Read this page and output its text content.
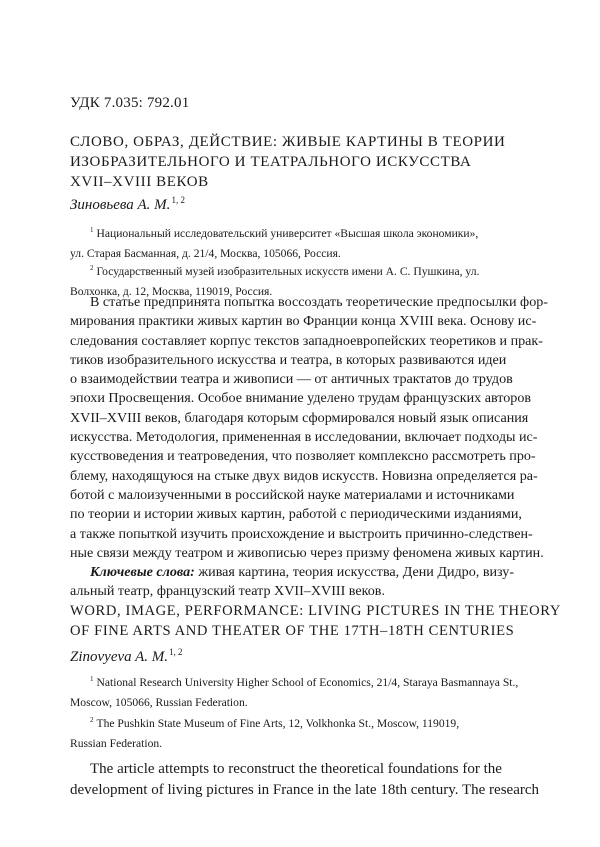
УДК 7.035: 792.01
СЛОВО, ОБРАЗ, ДЕЙСТВИЕ: ЖИВЫЕ КАРТИНЫ В ТЕОРИИ
ИЗОБРАЗИТЕЛЬНОГО И ТЕАТРАЛЬНОГО ИСКУССТВА
XVII–XVIII ВЕКОВ
Зиновьева А. М.$^{1, 2}$
$^1$ Национальный исследовательский университет «Высшая школа экономики»,
ул. Старая Басманная, д. 21/4, Москва, 105066, Россия.
$^2$ Государственный музей изобразительных искусств имени А. С. Пушкина, ул.
Волхонка, д. 12, Москва, 119019, Россия.
В статье предпринята попытка воссоздать теоретические предпосылки фор-
мирования практики живых картин во Франции конца XVIII века. Основу ис-
следования составляет корпус текстов западноевропейских теоретиков и прак-
тиков изобразительного искусства и театра, в которых развиваются идеи
о взаимодействии театра и живописи — от античных трактатов до трудов
эпохи Просвещения. Особое внимание уделено трудам французских авторов
XVII–XVIII веков, благодаря которым сформировался новый язык описания
искусства. Методология, примененная в исследовании, включает подходы ис-
кусствоведения и театроведения, что позволяет комплексно рассмотреть про-
блему, находящуюся на стыке двух видов искусств. Новизна определяется ра-
ботой с малоизученными в российской науке материалами и источниками
по теории и истории живых картин, работой с периодическими изданиями,
а также попыткой изучить происхождение и выстроить причинно-следствен-
ные связи между театром и живописью через призму феномена живых картин.
Ключевые слова: живая картина, теория искусства, Дени Дидро, визу-
альный театр, французский театр XVII–XVIII веков.
WORD, IMAGE, PERFORMANCE: LIVING PICTURES IN THE THEORY
OF FINE ARTS AND THEATER OF THE 17TH–18TH CENTURIES
Zinovyeva A. M.$^{1, 2}$
$^1$ National Research University Higher School of Economics, 21/4, Staraya Basmannaya St.,
Moscow, 105066, Russian Federation.
$^2$ The Pushkin State Museum of Fine Arts, 12, Volkhonka St., Moscow, 119019,
Russian Federation.
The article attempts to reconstruct the theoretical foundations for the
development of living pictures in France in the late 18th century. The research
